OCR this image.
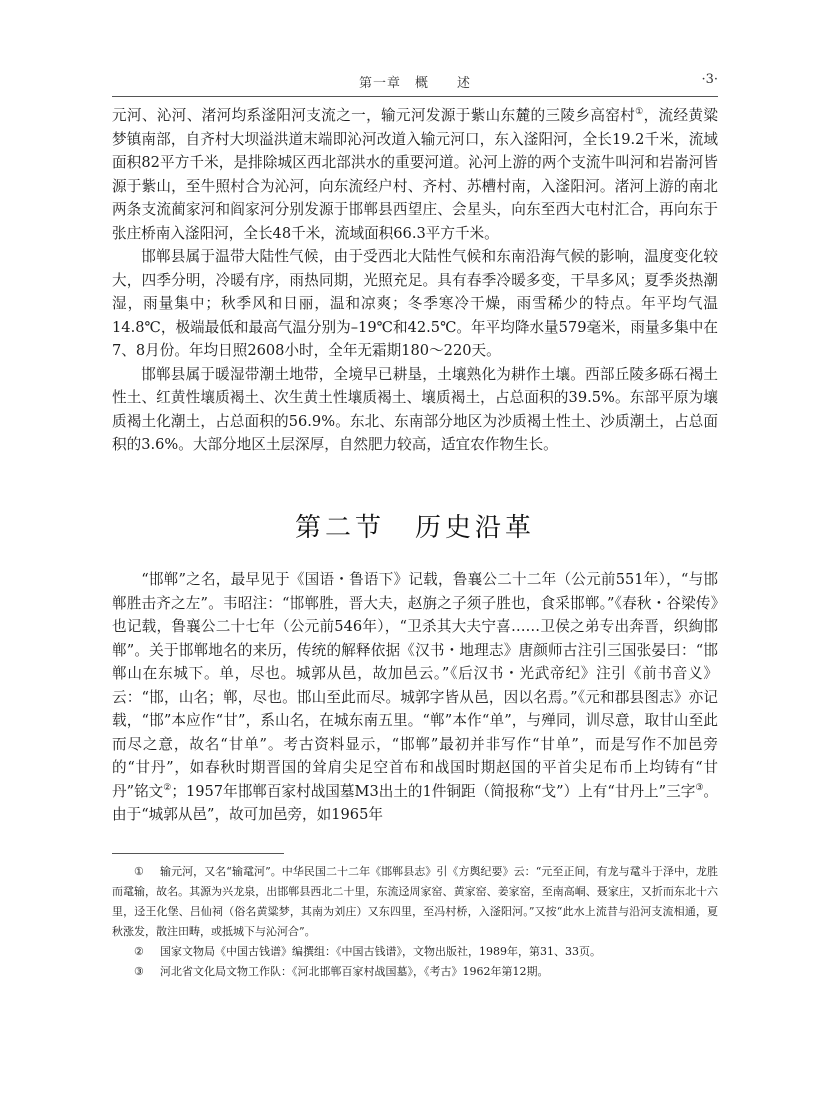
第一章　概　　述	·3·

元河、沁河、渚河均系滏阳河支流之一，输元河发源于紫山东麓的三陵乡高窑村①，流经黄粱梦镇南部，自齐村大坝溢洪道末端即沁河改道入输元河口，东入滏阳河，全长19.2千米，流域面积82平方千米，是排除城区西北部洪水的重要河道。沁河上游的两个支流牛叫河和岩嵛河皆源于紫山，至牛照村合为沁河，向东流经户村、齐村、苏槽村南，入滏阳河。渚河上游的南北两条支流蔺家河和阎家河分别发源于邯郸县西望庄、会星头，向东至西大屯村汇合，再向东于张庄桥南入滏阳河，全长48千米，流域面积66.3平方千米。

邯郸县属于温带大陆性气候，由于受西北大陆性气候和东南沿海气候的影响，温度变化较大，四季分明，冷暖有序，雨热同期，光照充足。具有春季冷暖多变，干旱多风；夏季炎热潮湿，雨量集中；秋季风和日丽，温和凉爽；冬季寒冷干燥，雨雪稀少的特点。年平均气温14.8℃，极端最低和最高气温分别为–19℃和42.5℃。年平均降水量579毫米，雨量多集中在7、8月份。年均日照2608小时，全年无霜期180～220天。

邯郸县属于暖湿带潮土地带，全境早已耕垦，土壤熟化为耕作土壤。西部丘陵多砾石褐土性土、红黄性壤质褐土、次生黄土性壤质褐土、壤质褐土，占总面积的39.5%。东部平原为壤质褐土化潮土，占总面积的56.9%。东北、东南部分地区为沙质褐土性土、沙质潮土，占总面积的3.6%。大部分地区土层深厚，自然肥力较高，适宜农作物生长。

第二节　历史沿革

“邯郸”之名，最早见于《国语・鲁语下》记载，鲁襄公二十二年（公元前551年），“与邯郸胜击齐之左”。韦昭注：“邯郸胜，晋大夫，赵旃之子须子胜也，食采邯郸。”《春秋・谷梁传》也记载，鲁襄公二十七年（公元前546年），“卫杀其大夫宁喜……卫侯之弟专出奔晋，织絇邯郸”。关于邯郸地名的来历，传统的解释依据《汉书・地理志》唐颜师古注引三国张晏曰：“邯郸山在东城下。单，尽也。城郭从邑，故加邑云。”《后汉书・光武帝纪》注引《前书音义》云：“邯，山名；郸，尽也。邯山至此而尽。城郭字皆从邑，因以名焉。”《元和郡县图志》亦记载，“邯”本应作“甘”，系山名，在城东南五里。“郸”本作“单”，与殚同，训尽意，取甘山至此而尽之意，故名“甘单”。考古资料显示，“邯郸”最初并非写作“甘单”，而是写作不加邑旁的“甘丹”，如春秋时期晋国的耸肩尖足空首布和战国时期赵国的平首尖足布币上均铸有“甘丹”铭文②；1957年邯郸百家村战国墓M3出土的1件铜距（简报称“戈”）上有“甘丹上”三字③。由于“城郭从邑”，故可加邑旁，如1965年

① 输元河，又名“输鼋河”。中华民国二十二年《邯郸县志》引《方舆纪要》云：“元至正间，有龙与鼋斗于泽中，龙胜而鼋输，故名。其源为兴龙泉，出邯郸县西北二十里，东流迳周家窑、黄家窑、姜家窑，至南高峒、聂家庄，又折而东北十六里，迳王化堡、吕仙祠（俗名黄粱梦，其南为刘庄）又东四里，至冯村桥，入滏阳河。”又按“此水上流昔与沿河支流相通，夏秋涨发，散注田畴，或抵城下与沁河合”。

② 国家文物局《中国古钱谱》编撰组：《中国古钱谱》，文物出版社，1989年，第31、33页。

③ 河北省文化局文物工作队：《河北邯郸百家村战国墓》，《考古》1962年第12期。
